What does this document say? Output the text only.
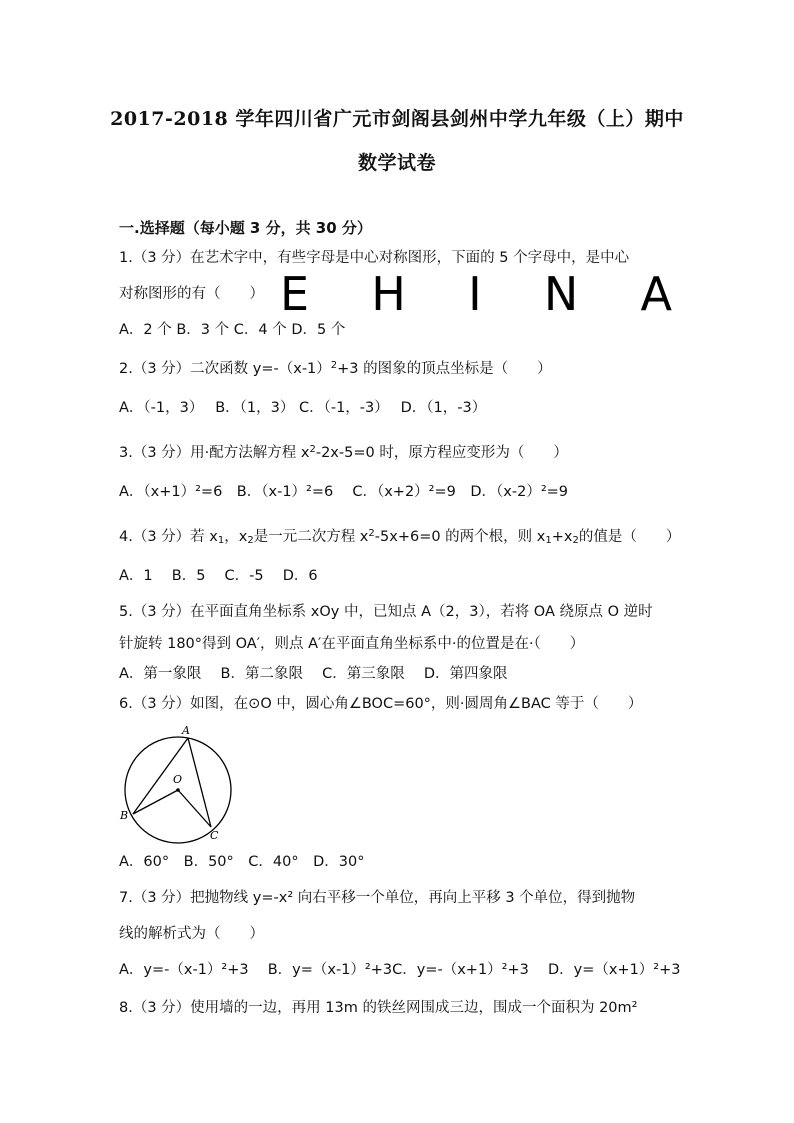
2017-2018 学年四川省广元市剑阁县剑州中学九年级（上）期中
数学试卷
一.选择题（每小题 3 分，共 30 分）
1.（3 分）在艺术字中，有些字母是中心对称图形，下面的 5 个字母中，是中心
对称图形的有（　　） E H I N A
A．2 个 B．3 个 C．4 个 D．5 个
2.（3 分）二次函数 $y=-(x-1)^2+3$ 的图象的顶点坐标是（　　）
A．（-1，3）　 B．（1，3） C．（-1，-3）　 D．（1，-3）
3.（3 分）用·配方法解方程 $x^2-2x-5=0$ 时，原方程应变形为（　　）
A．（x+1）²=6　B．（x-1）²=6　 C．（x+2）²=9　D．（x-2）²=9
4.（3 分）若 $x_1$，$x_2$是一元二次方程 $x^2-5x+6=0$ 的两个根，则 $x_1+x_2$的值是（　　）
A．1　 B．5　 C．-5　 D．6
5.（3 分）在平面直角坐标系 xOy 中，已知点 A（2，3），若将 OA 绕原点 O 逆时
针旋转 180°得到 OA′，则点 A′在平面直角坐标系中·的位置是在·（　　）
A．第一象限　 B．第二象限　 C．第三象限　 D．第四象限
6.（3 分）如图，在⊙O 中，圆心角∠BOC=60°，则·圆周角∠BAC 等于（　　）
A
O
B
C
A．60°　B．50°　C．40°　D．30°
7.（3 分）把抛物线 y=-x² 向右平移一个单位，再向上平移 3 个单位，得到抛物
线的解析式为（　　）
A．y=-（x-1）²+3　 B．y=（x-1）²+3C．y=-（x+1）²+3　 D．y=（x+1）²+3
8.（3 分）使用墙的一边，再用 13m 的铁丝网围成三边，围成一个面积为 20m²
